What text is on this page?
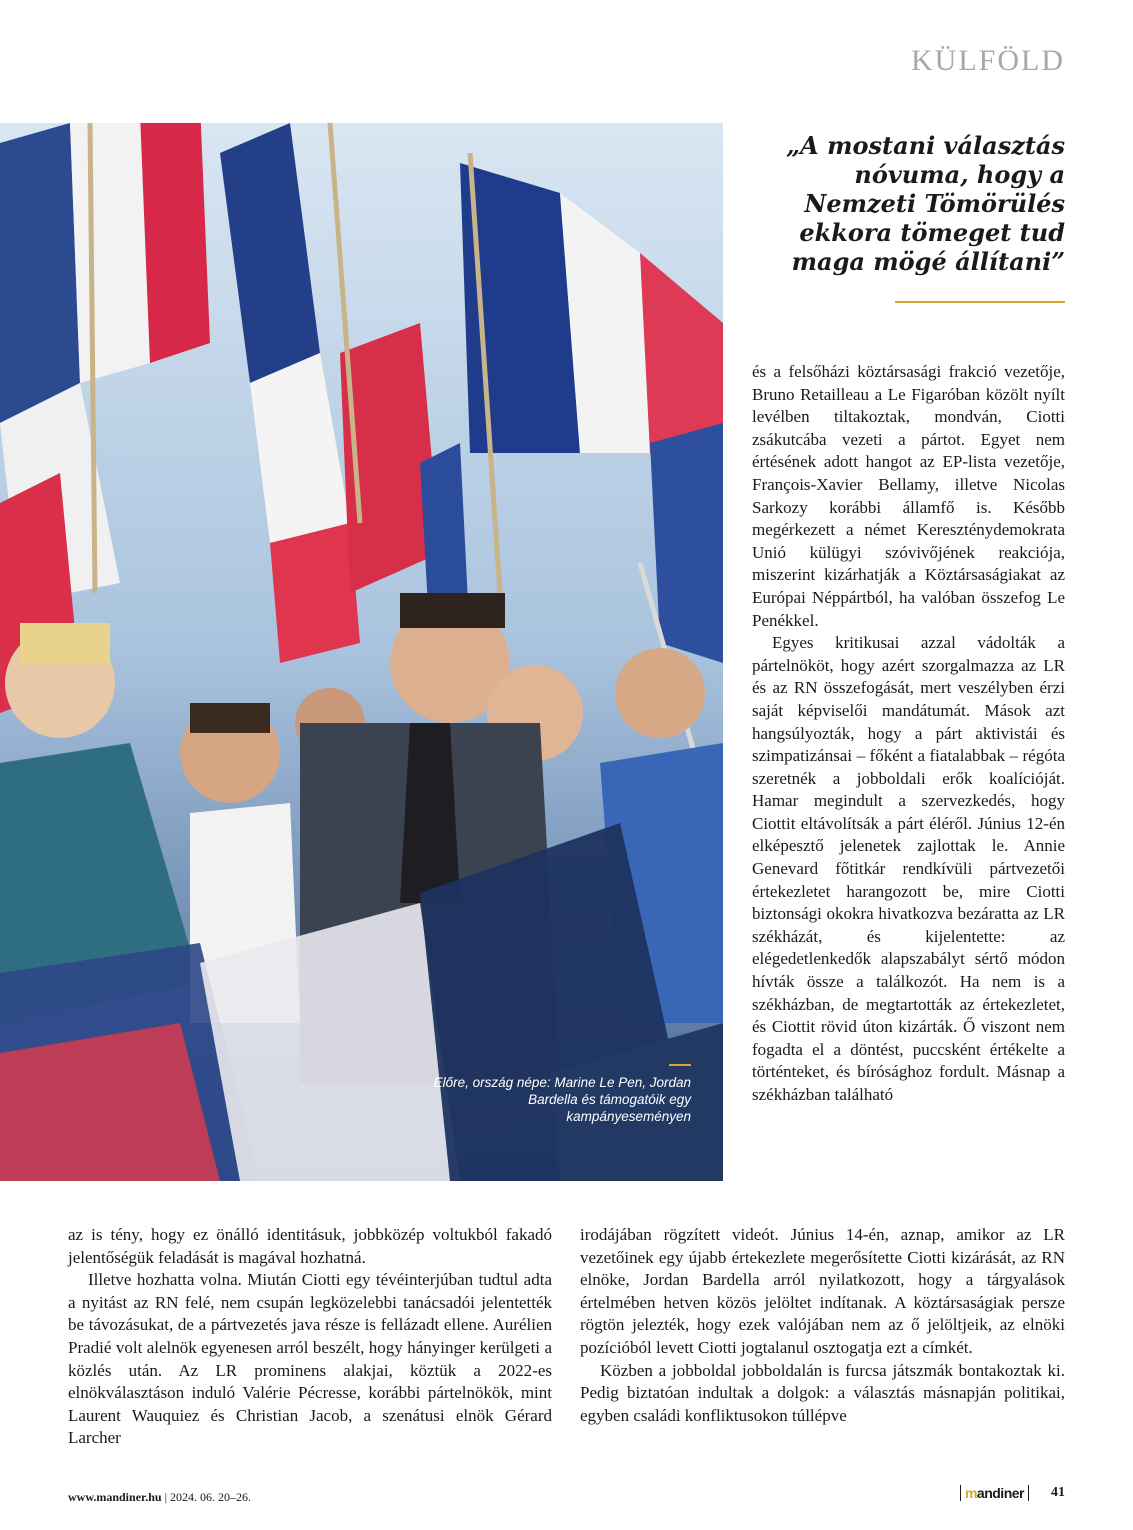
KÜLFÖLD

Előre, ország népe: Marine Le Pen, Jordan Bardella és támogatóik egy kampányeseményen
„A mostani választás nóvuma, hogy a Nemzeti Tömörülés ekkora tömeget tud maga mögé állítani”

és a felsőházi köztársasági frakció vezetője, Bruno Retailleau a Le Figaróban közölt nyílt levélben tiltakoztak, mondván, Ciotti zsákutcába vezeti a pártot. Egyet nem értésének adott hangot az EP-lista vezetője, François-Xavier Bellamy, illetve Nicolas Sarkozy korábbi államfő is. Később megérkezett a német Kereszténydemokrata Unió külügyi szóvivőjének reakciója, miszerint kizárhatják a Köztársaságiakat az Európai Néppártból, ha valóban összefog Le Penékkel.

Egyes kritikusai azzal vádolták a pártelnököt, hogy azért szorgalmazza az LR és az RN összefogását, mert veszélyben érzi saját képviselői mandátumát. Mások azt hangsúlyozták, hogy a párt aktivistái és szimpatizánsai – főként a fiatalabbak – régóta szeretnék a jobboldali erők koalícióját. Hamar megindult a szervezkedés, hogy Ciottit eltávolítsák a párt éléről. Június 12-én elképesztő jelenetek zajlottak le. Annie Genevard főtitkár rendkívüli pártvezetői értekezletet harangozott be, mire Ciotti biztonsági okokra hivatkozva bezáratta az LR székházát, és kijelentette: az elégedetlenkedők alapszabályt sértő módon hívták össze a találkozót. Ha nem is a székházban, de megtartották az értekezletet, és Ciottit rövid úton kizárták. Ő viszont nem fogadta el a döntést, puccsként értékelte a történteket, és bírósághoz fordult. Másnap a székházban található

az is tény, hogy ez önálló identitásuk, jobbközép voltukból fakadó jelentőségük feladását is magával hozhatná.

Illetve hozhatta volna. Miután Ciotti egy tévéinterjúban tudtul adta a nyitást az RN felé, nem csupán legközelebbi tanácsadói jelentették be távozásukat, de a pártvezetés java része is fellázadt ellene. Aurélien Pradié volt alelnök egyenesen arról beszélt, hogy hányinger kerülgeti a közlés után. Az LR prominens alakjai, köztük a 2022-es elnökválasztáson induló Valérie Pécresse, korábbi pártelnökök, mint Laurent Wauquiez és Christian Jacob, a szenátusi elnök Gérard Larcher

irodájában rögzített videót. Június 14-én, aznap, amikor az LR vezetőinek egy újabb értekezlete megerősítette Ciotti kizárását, az RN elnöke, Jordan Bardella arról nyilatkozott, hogy a tárgyalások értelmében hetven közös jelöltet indítanak. A köztársaságiak persze rögtön jelezték, hogy ezek valójában nem az ő jelöltjeik, az elnöki pozícióból levett Ciotti jogtalanul osztogatja ezt a címkét.

Közben a jobboldal jobboldalán is furcsa játszmák bontakoztak ki. Pedig biztatóan indultak a dolgok: a választás másnapján politikai, egyben családi konfliktusokon túllépve

www.mandiner.hu | 2024. 06. 20–26.	mandiner	41
